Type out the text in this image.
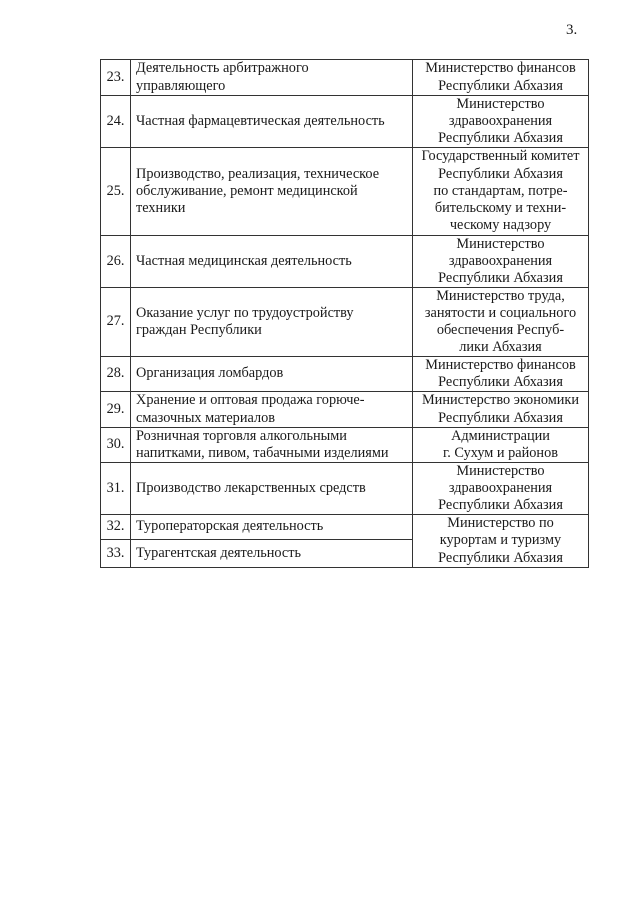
3.
23.
Деятельность арбитражного
управляющего
Министерство финансов
Республики Абхазия
24. Частная фармацевтическая деятельность
Министерство
здравоохранения
Республики Абхазия
25.
Производство, реализация, техническое
обслуживание, ремонт медицинской
техники
Государственный комитет
Республики Абхазия
по стандартам, потре-
бительскому и техни-
ческому надзору
26. Частная медицинская деятельность
Министерство
здравоохранения
Республики Абхазия
27.
Оказание услуг по трудоустройству
граждан Республики
Министерство труда,
занятости и социального
обеспечения Респуб-
лики Абхазия
28. Организация ломбардов
Министерство финансов
Республики Абхазия
29.
Хранение и оптовая продажа горюче-
смазочных материалов
Министерство экономики
Республики Абхазия
30.
Розничная торговля алкогольными
напитками, пивом, табачными изделиями
Администрации
г. Сухум и районов
31. Производство лекарственных средств
Министерство
здравоохранения
Республики Абхазия
32. Туроператорская деятельность	Министерство по
курортам и туризму
Республики Абхазия
33. Турагентская деятельность
